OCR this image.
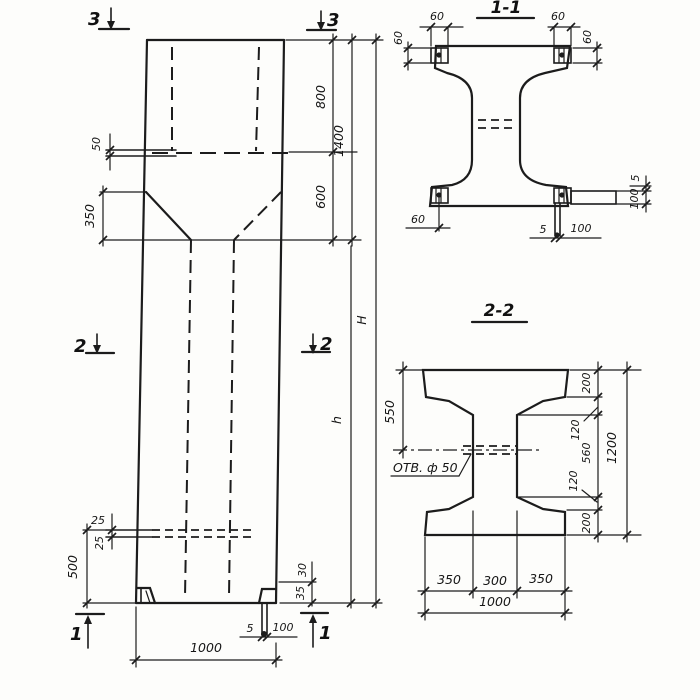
50
350
25
25
500
800
600
1400
h
H
1000
5 100
30
35
3	3
2	2
1	1
1-1
60	60
60	60
60
5
100
5 100
2-2
ОТВ. ф 50
550
200
120
560
120
200
1200
350 300 350
1000
